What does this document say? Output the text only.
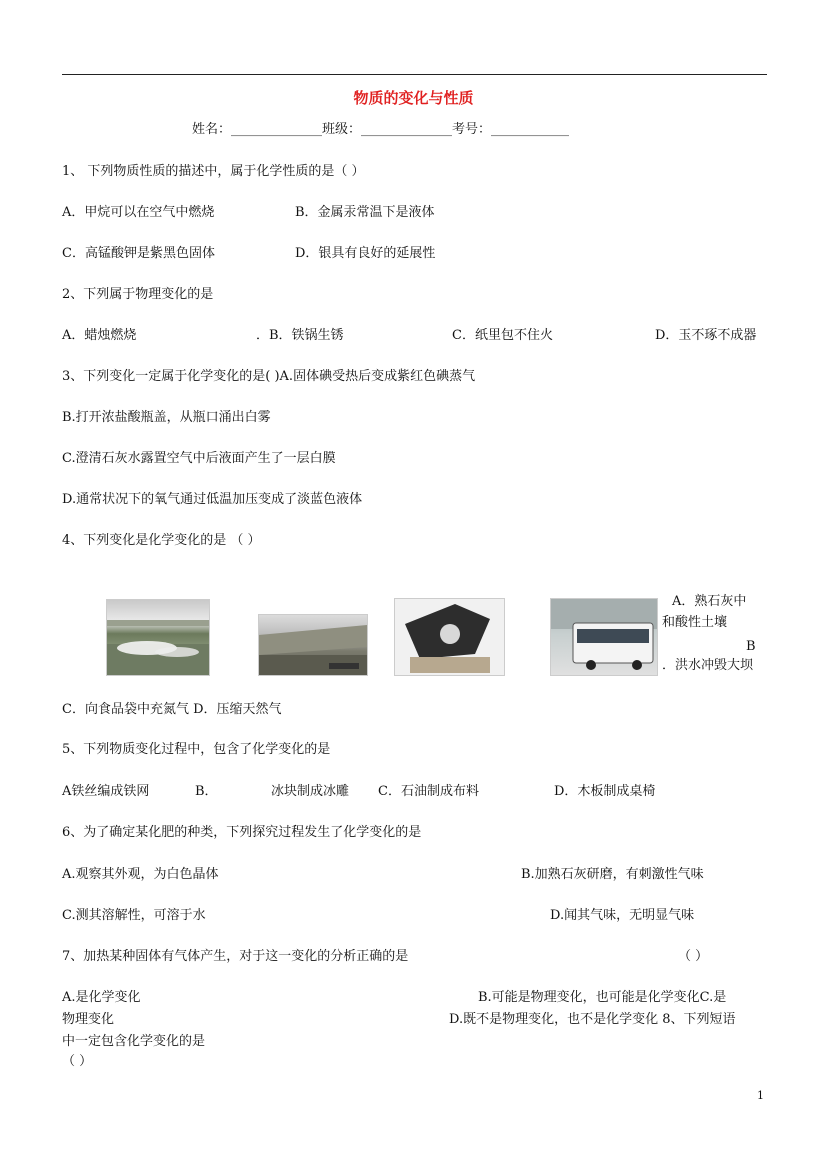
物质的变化与性质
姓名：______________班级：______________考号：____________
1、 下列物质性质的描述中，属于化学性质的是（ ）
A．甲烷可以在空气中燃烧	B．金属汞常温下是液体
C．高锰酸钾是紫黑色固体	D．银具有良好的延展性
2、下列属于物理变化的是
A．蜡烛燃烧	．B．铁锅生锈	C．纸里包不住火	D．玉不琢不成器
3、下列变化一定属于化学变化的是( )A.固体碘受热后变成紫红色碘蒸气
B.打开浓盐酸瓶盖，从瓶口涌出白雾
C.澄清石灰水露置空气中后液面产生了一层白膜
D.通常状况下的氧气通过低温加压变成了淡蓝色液体
4、下列变化是化学变化的是 （ ）
A．熟石灰中
和酸性土壤
B
．洪水冲毁大坝
C．向食品袋中充氮气 D．压缩天然气
5、下列物质变化过程中，包含了化学变化的是
A铁丝编成铁网	B．	冰块制成冰雕 C．石油制成布料	D．木板制成桌椅
6、为了确定某化肥的种类，下列探究过程发生了化学变化的是
A.观察其外观，为白色晶体	B.加熟石灰研磨，有刺激性气味
C.测其溶解性，可溶于水	D.闻其气味，无明显气味
7、加热某种固体有气体产生，对于这一变化的分析正确的是	（ ）
A.是化学变化	B.可能是物理变化，也可能是化学变化C.是
物理变化	D.既不是物理变化，也不是化学变化 8、下列短语
中一定包含化学变化的是
（ ）
1
